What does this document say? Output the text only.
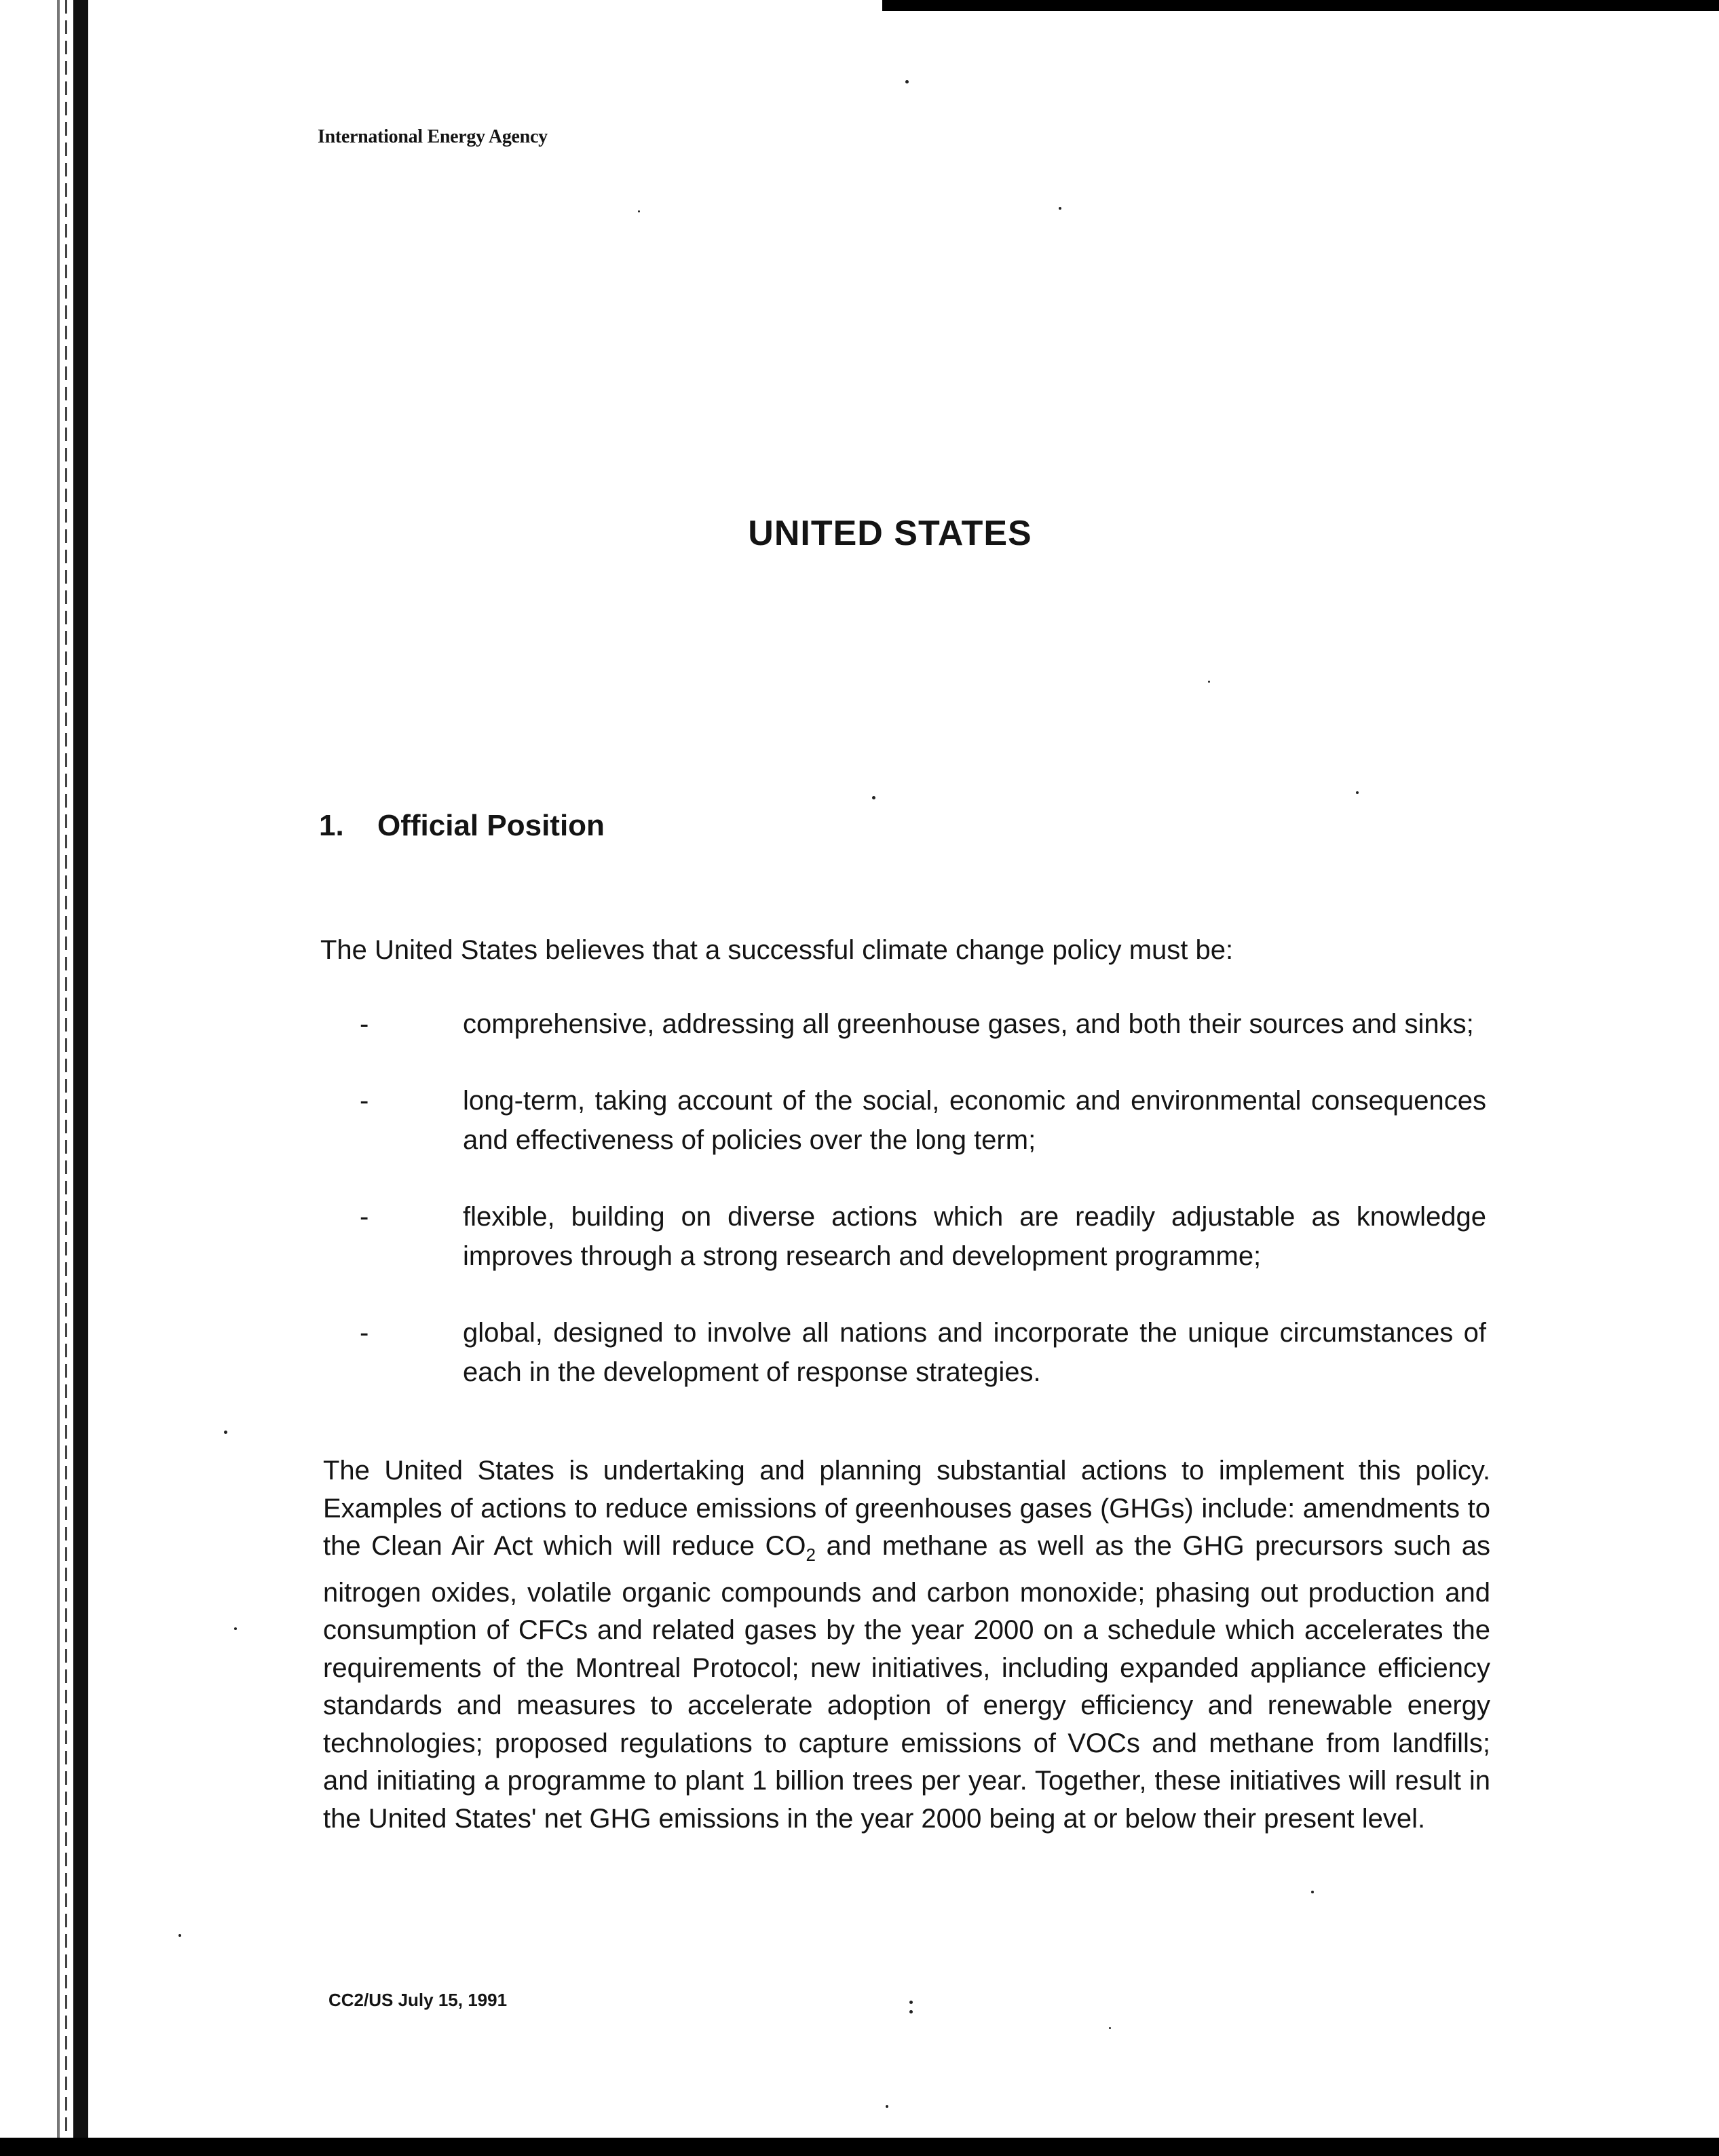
International Energy Agency
UNITED STATES
1. Official Position
The United States believes that a successful climate change policy must be:
-	comprehensive, addressing all greenhouse gases, and both their sources and sinks;
-	long-term, taking account of the social, economic and environmental consequences and effectiveness of policies over the long term;
-	flexible, building on diverse actions which are readily adjustable as knowledge improves through a strong research and development programme;
-	global, designed to involve all nations and incorporate the unique circumstances of each in the development of response strategies.
The United States is undertaking and planning substantial actions to implement this policy. Examples of actions to reduce emissions of greenhouses gases (GHGs) include: amendments to the Clean Air Act which will reduce $CO_2$ and methane as well as the GHG precursors such as nitrogen oxides, volatile organic compounds and carbon monoxide; phasing out production and consumption of CFCs and related gases by the year 2000 on a schedule which accelerates the requirements of the Montreal Protocol; new initiatives, including expanded appliance efficiency standards and measures to accelerate adoption of energy efficiency and renewable energy technologies; proposed regulations to capture emissions of VOCs and methane from landfills; and initiating a programme to plant 1 billion trees per year. Together, these initiatives will result in the United States' net GHG emissions in the year 2000 being at or below their present level.
CC2/US July 15, 1991
